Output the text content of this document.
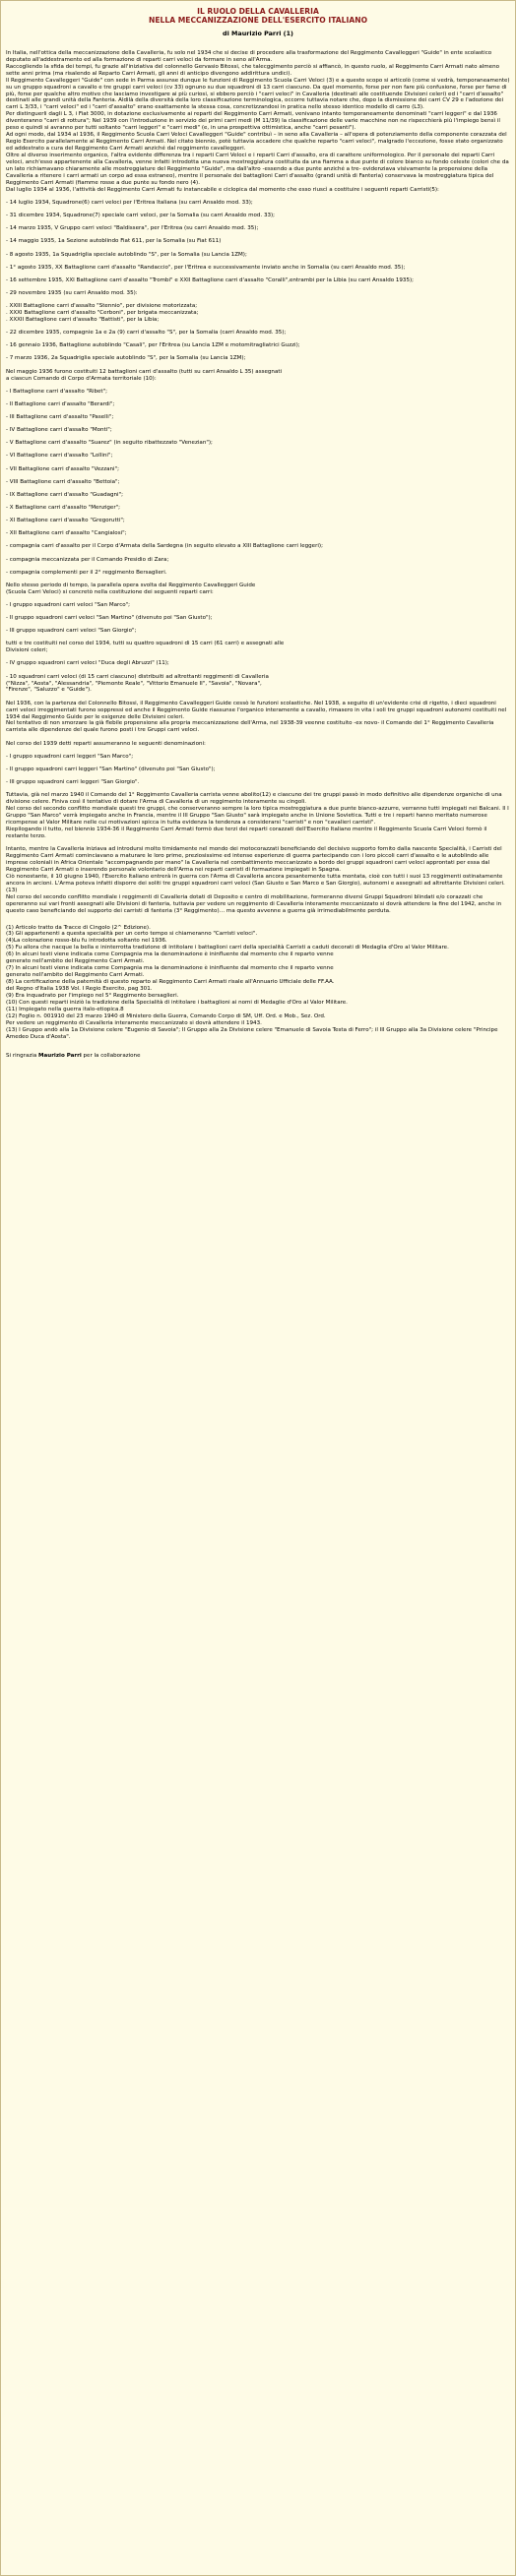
IL RUOLO DELLA CAVALLERIA
NELLA MECCANIZZAZIONE DELL'ESERCITO ITALIANO
di Maurizio Parri (1)

In Italia, nell'ottica della meccanizzazione della Cavalleria, fu solo nel 1934 che si decise di procedere alla trasformazione del Reggimento Cavalleggeri "Guide" in ente scolastico deputato all'addestramento ed alla formazione di reparti carri veloci da formare in seno all'Arma.
Raccogliendo la sfida dei tempi, fu grazie all'iniziativa del colonnello Gervasio Bitossi, che talecggimento perciò si affiancò, in questo ruolo, al Reggimento Carri Armati nato almeno sette anni prima (ma risalendo al Reparto Carri Armati, gli anni di anticipo divengono addirittura undici).
Il Reggimento Cavalleggeri "Guide" con sede in Parma assunse dunque le funzioni di Reggimento Scuola Carri Veloci (3) e a questo scopo si articolò (come si vedrà, temporaneamente) su un gruppo squadroni a cavallo e tre gruppi carri veloci (cv 33) ognuno su due squadroni di 13 carri ciascuno. Da quel momento, forse per non fare più confusione, forse per fame di più, forse per qualche altro motivo che lasciamo investigare ai più curiosi, si ebbero perciò i "carri veloci" in Cavalleria (destinati alle costituende Divisioni celeri) ed i "carri d'assalto" destinati alle grandi unità della Fanteria. Aldilà della diversità della loro classificazione terminologica, occorre tuttavia notare che, dopo la dismissione dei carri CV 29 e l'adozione dei carri L 3/33, i "carri veloci" ed i "carri d'assalto" erano esattamente la stessa cosa, concretizzandosi in pratica nello stesso identico modello di carro (L3).
Per distinguerli dagli L 3, i Fiat 3000, in dotazione esclusivamente ai reparti del Reggimento Carri Armati, venivano intanto temporaneamente denominati "carri leggeri" e dal 1936 diventeranno "carri di rottura"; Nel 1939 con l'introduzione in servizio dei primi carri medi (M 11/39) la classificazione delle varie macchine non ne rispecchierà più l'impiego bensì il peso e quindi si avranno per tutti soltanto "carri leggeri" e "carri medi" (e, in una prospettiva ottimistica, anche "carri pesanti").
Ad ogni modo, dal 1934 al 1936, il Reggimento Scuola Carri Veloci Cavalleggeri "Guide" contribuì – in seno alla Cavalleria – all'opera di potenziamento della componente corazzata del Regio Esercito parallelamente al Reggimento Carri Armati. Nel citato biennio, potè tuttavia accadere che qualche reparto "carri veloci", malgrado l'eccezione, fosse stato organizzato ed addestrato a cura del Reggimento Carri Armati anziché dal reggimento cavalleggeri.
Oltre al diverso inserimento organico, l'altra evidente differenza tra i reparti Carri Veloci e i reparti Carri d'assalto, era di carattere uniformologico. Per il personale dei reparti Carri veloci, anch'esso appartenente alla Cavalleria, venne infatti introdotta una nuova mostreggiatura costituita da una fiamma a due punte di colore bianco su fondo celeste (colori che da un lato richiamavano chiaramente alle mostreggiature del Reggimento "Guide", ma dall'altro -essendo a due punte anziché a tre- evidenziava visivamente la propensione della Cavalleria a ritenere i carri armati un corpo ad essa estraneo), mentre il personale dei battaglioni Carri d'assalto (grandi unità di Fanteria) conservava la mostreggiatura tipica del Reggimento Carri Armati (fiamme rosse a due punte su fondo nero (4).
Dal luglio 1934 al 1936, l'attività del Reggimento Carri Armati fu instancabile e ciclopica dal momento che esso riuscì a costituire i seguenti reparti Carristi(5):

- 14 luglio 1934, Squadrone(6) carri veloci per l'Eritrea Italiana (su carri Ansaldo mod. 33);

- 31 dicembre 1934, Squadrone(7) speciale carri veloci, per la Somalia (su carri Ansaldo mod. 33);

- 14 marzo 1935, V Gruppo carri veloci "Baldissera", per l'Eritrea (su carri Ansaldo mod. 35);

- 14 maggio 1935, 1a Sezione autoblindo Fiat 611, per la Somalia (su Fiat 611)

- 8 agosto 1935, 1a Squadriglia speciale autoblindo "S", per la Somalia (su Lancia 1ZM);

- 1° agosto 1935, XX Battaglione carri d'assalto "Randaccio", per l'Eritrea e successivamente inviato anche in Somalia (su carri Ansaldo mod. 35);

- 16 settembre 1935, XXI Battaglione carri d'assalto "Trombi" e XXII Battaglione carri d'assalto "Coralli",entrambi per la Libia (su carri Ansaldo 1935);

- 29 novembre 1935 (su carri Ansaldo mod. 35):

. XXIII Battaglione carri d'assalto "Stennio", per divisione motorizzata;
. XXXI Battaglione carri d'assalto "Cerboni", per brigata meccanizzata;
. XXXII Battaglione carri d'assalto "Battisti", per la Libia;

- 22 dicembre 1935, compagnie 1a e 2a (9) carri d'assalto "S", per la Somalia (carri Ansaldo mod. 35);

- 16 gennaio 1936, Battaglione autoblindo "Casali", per l'Eritrea (su Lancia 1ZM e motomitragliatrici Guzzi);

- 7 marzo 1936, 2a Squadriglia speciale autoblindo "S", per la Somalia (su Lancia 1ZM);

Nel maggio 1936 furono costituiti 12 battaglioni carri d'assalto (tutti su carri Ansaldo L 35) assegnati
a ciascun Comando di Corpo d'Armata territoriale (10):

- I Battaglione carri d'assalto "Ribet";

- II Battaglione carri d'assalto "Berardi";

- III Battaglione carri d'assalto "Paselli";

- IV Battaglione carri d'assalto "Monti";

- V Battaglione carri d'assalto "Suarez" (in seguito ribattezzato "Venezian");

- VI Battaglione carri d'assalto "Lollini";

- VII Battaglione carri d'assalto "Vezzani";

- VIII Battaglione carri d'assalto "Bettoia";

- IX Battaglione carri d'assalto "Guadagni";

- X Battaglione carri d'assalto "Menziger";

- XI Battaglione carri d'assalto "Gregorutti";

- XII Battaglione carri d'assalto "Cangialosi";

- compagnia carri d'assalto per il Corpo d'Armata della Sardegna (in seguito elevato a XIII Battaglione carri leggeri);

- compagnia meccanizzata per il Comando Presidio di Zara;

- compagnia complementi per il 2° reggimento Bersaglieri.

Nello stesso periodo di tempo, la parallela opera svolta dal Reggimento Cavalleggeri Guide
(Scuola Carri Veloci) si concretò nella costituzione dei seguenti reparti carri:

- I gruppo squadroni carri veloci "San Marco";

- II gruppo squadroni carri veloci "San Martino" (divenuto poi "San Giusto");

- III gruppo squadroni carri veloci "San Giorgio";

tutti e tre costituiti nel corso del 1934, tutti su quattro squadroni di 15 carri (61 carri) e assegnati alle
Divisioni celeri;

- IV gruppo squadroni carri veloci "Duca degli Abruzzi" (11);

- 10 squadroni carri veloci (di 15 carri ciascuno) distribuiti ad altrettanti reggimenti di Cavalleria
("Nizza", "Aosta", "Alessandria", "Piemonte Reale", "Vittorio Emanuele II", "Savoia", "Novara",
"Firenze", "Saluzzo" e "Guide").

Nel 1936, con la partenza del Colonnello Bitossi, il Reggimento Cavalleggeri Guide cessò le funzioni scolastiche. Nel 1938, a seguito di un'evidente crisi di rigetto, i dieci squadroni carri veloci irreggimentati furono soppressi ed anche il Reggimento Guide riassunse l'organico interamente a cavallo, rimasero in vita i soli tre gruppi squadroni autonomi costituiti nel 1934 dal Reggimento Guide per le esigenze delle Divisioni celeri.
Nel tentativo di non smorzare la già flebile propensione alla propria meccanizzazione dell'Arma, nel 1938-39 veenne costituito -ex novo- il Comando del 1° Reggimento Cavalleria carrista alle dipendenze del quale furono posti i tre Gruppi carri veloci.

Nel corso del 1939 detti reparti assumeranno le seguenti denominazioni:

- I gruppo squadroni carri leggeri "San Marco";

- II gruppo squadroni carri leggeri "San Martino" (divenuto poi "San Giusto");

- III gruppo squadroni carri leggeri "San Giorgio".

Tuttavia, già nel marzo 1940 il Comando del 1° Reggimento Cavalleria carrista venne abolito(12) e ciascuno dei tre gruppi passò in modo definitivo alle dipendenze organiche di una divisione celere. Finiva così il tentativo di dotare l'Arma di Cavalleria di un reggimento interamente su cingoli.
Nel corso del secondo conflitto mondiale questi tre gruppi, che conserveranno sempre la loro tipica mostreggiatura a due punte bianco-azzurre, verranno tutti impiegati nei Balcani. Il I Gruppo "San Marco" verrà impiegato anche in Francia, mentre il III Gruppo "San Giusto" sarà impiegato anche in Unione Sovietica. Tutti e tre i reparti hanno meritato numerose ricompense al Valor Militare nelle cui motivazioni spicca in tutta evidenza la tendenza a considerarsi "carristi" e non "cavalieri carristi".
Riepilogando il tutto, nel biennio 1934-36 il Reggimento Carri Armati formò due terzi dei reparti corazzati dell'Esercito Italiano mentre il Reggimento Scuola Carri Veloci formò il restante terzo.

Intanto, mentre la Cavalleria iniziava ad introdursi molto timidamente nel mondo dei motocorazzati beneficiando del decisivo supporto fornito dalla nascente Specialità, i Carristi del Reggimento Carri Armati cominciavano a maturare le loro prime, preziosissime ed intense esperienze di guerra partecipando con i loro piccoli carri d'assalto e le autoblindo alle imprese coloniali in Africa Orientale "accompagnando per mano" la Cavalleria nel combattimento meccanizzato a bordo dei gruppi squadroni carri veloci approntati per essa dal Reggimento Carri Armati o inserendo personale volontario dell'Arma nei reparti carristi di formazione impiegati in Spagna.
Ciò nonostante, il 10 giugno 1940, l'Esercito Italiano entrerà in guerra con l'Arma di Cavalleria ancora pesantemente tutta montata, cioè con tutti i suoi 13 reggimenti ostinatamente ancora in arcioni. L'Arma poteva infatti disporre dei soliti tre gruppi squadroni carri veloci (San Giusto e San Marco e San Giorgio), autonomi e assegnati ad altrettante Divisioni celeri.(13)
Nel corso del secondo conflitto mondiale i reggimenti di Cavalleria dotati di Deposito e centro di mobilitazione, formeranno diversi Gruppi Squadroni blindati e/o corazzati che opereranno sui vari fronti assegnati alle Divisioni di fanteria, tuttavia per vedere un reggimento di Cavalleria interamente meccanizzato si dovrà attendere la fine del 1942, anche in questo caso beneficiando del supporto dei carristi di fanteria (3° Reggimento)… ma questo avvenne a guerra già irrimediabilmente perduta.

(1) Articolo tratto da Tracce di Cingolo (2^ Edizione).

(3) Gli appartenenti a questa specialità per un certo tempo si chiameranno "Carristi veloci".

(4)La colorazione rosso-blu fu introdotta soltanto nel 1936.

(5) Fu allora che nacque la bella e ininterrotta tradizione di intitolare i battaglioni carri della specialità Carristi a caduti decorati di Medaglia d'Oro al Valor Militare.

(6) In alcuni testi viene indicata come Compagnia ma la denominazione è ininfluente dal momento che il reparto venne

generato nell'ambito del Reggimento Carri Armati.

(7) In alcuni testi viene indicata come Compagnia ma la denominazione è ininfluente dal momento che il reparto venne

generato nell'ambito del Reggimento Carri Armati.

(8) La certificazione della paternità di questo reparto al Reggimento Carri Armati risale all'Annuario Ufficiale delle FF.AA.

del Regno d'Italia 1938 Vol. I Regio Esercito, pag 301.

(9) Era inquadrato per l'impiego nel 5° Reggimento bersaglieri.

(10) Con questi reparti iniziò la tradizione della Specialità di intitolare i battaglioni ai nomi di Medaglie d'Oro al Valor Militare.

(11) Impiegato nella guerra italo-etiopica.8

(12) Foglio n. 001910 del 23 marzo 1940 di Ministero della Guerra, Comando Corpo di SM, Uff. Ord. e Mob., Sez. Ord.

Per vedere un reggimento di Cavalleria interamente meccanizzato si dovrà attendere il 1943.

(13) I Gruppo andò alla 1a Divisione celere "Eugenio di Savoia"; II Gruppo alla 2a Divisione celere "Emanuele di Savoia Testa di Ferro"; il III Gruppo alla 3a Divisione celere "Principe Amedeo Duca d'Aosta".

Si ringrazia Maurizio Parri per la collaborazione
